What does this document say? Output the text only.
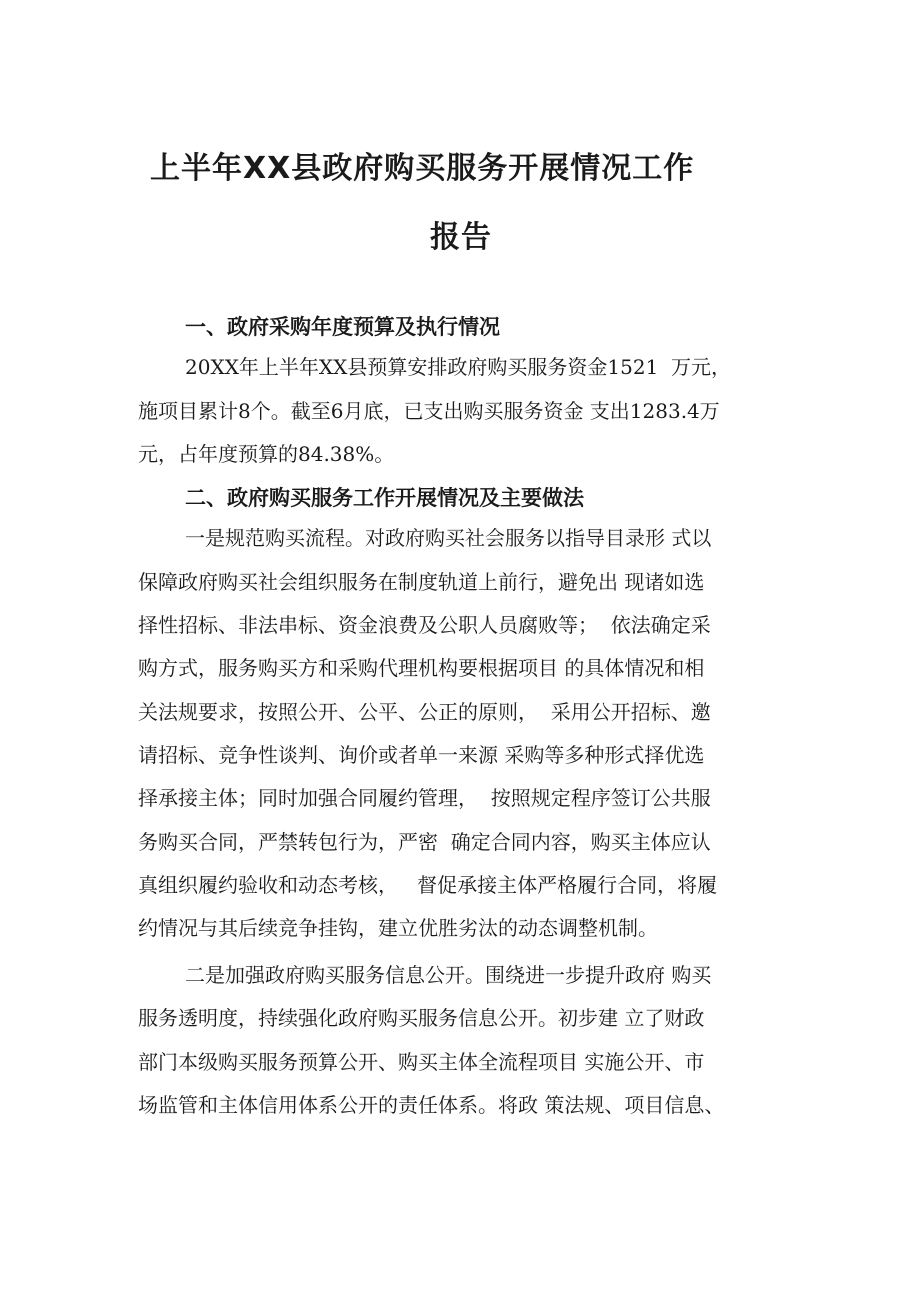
上半年XX县政府购买服务开展情况工作
报告
一、政府采购年度预算及执行情况

20XX年上半年XX县预算安排政府购买服务资金1521  万元，

施项目累计8个。截至6月底，已支出购买服务资金 支出1283.4万

元，占年度预算的84.38%。

二、政府购买服务工作开展情况及主要做法

一是规范购买流程。对政府购买社会服务以指导目录形 式以

保障政府购买社会组织服务在制度轨道上前行，避免出 现诸如选

择性招标、非法串标、资金浪费及公职人员腐败等；  依法确定采

购方式，服务购买方和采购代理机构要根据项目 的具体情况和相

关法规要求，按照公开、公平、公正的原则，  采用公开招标、邀

请招标、竞争性谈判、询价或者单一来源 采购等多种形式择优选

择承接主体；同时加强合同履约管理，  按照规定程序签订公共服

务购买合同，严禁转包行为，严密  确定合同内容，购买主体应认

真组织履约验收和动态考核，   督促承接主体严格履行合同，将履

约情况与其后续竞争挂钩，建立优胜劣汰的动态调整机制。

二是加强政府购买服务信息公开。围绕进一步提升政府 购买

服务透明度，持续强化政府购买服务信息公开。初步建 立了财政

部门本级购买服务预算公开、购买主体全流程项目 实施公开、市

场监管和主体信用体系公开的责任体系。将政 策法规、项目信息、
